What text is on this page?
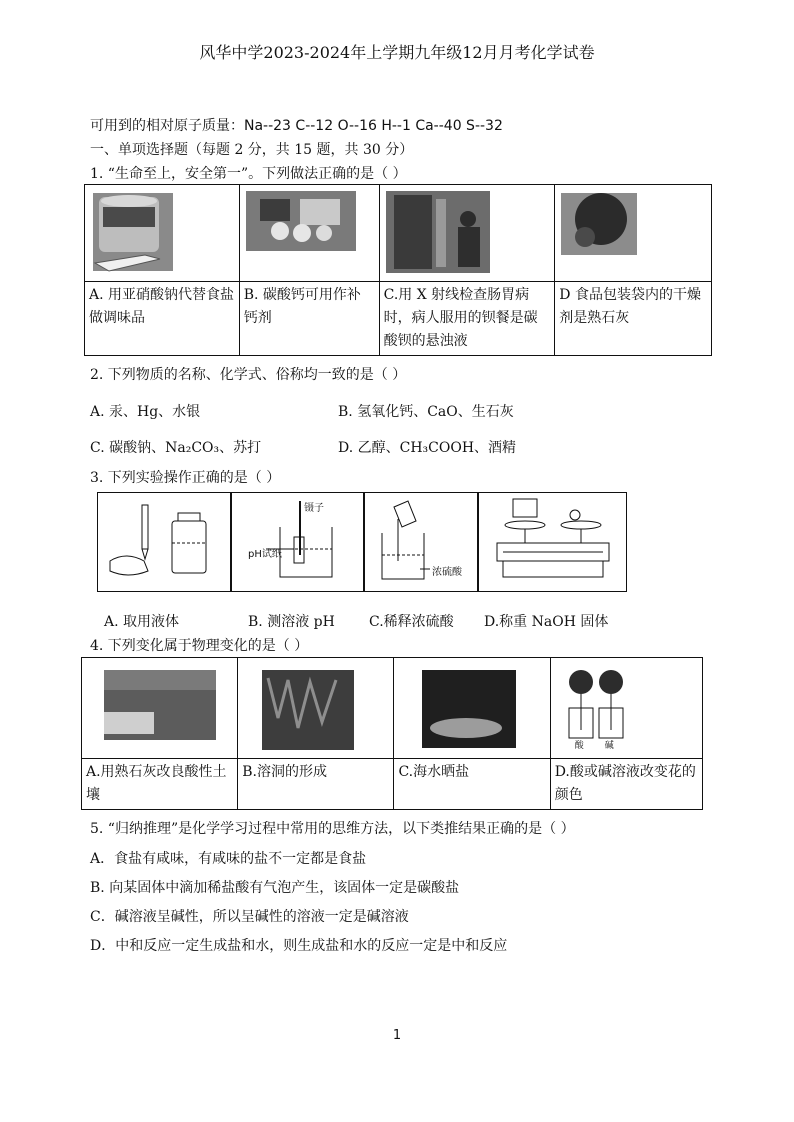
风华中学2023-2024年上学期九年级12月月考化学试卷
可用到的相对原子质量：Na--23 C--12 O--16 H--1 Ca--40 S--32
一、单项选择题（每题 2 分，共 15 题，共 30 分）
1. “生命至上，安全第一”。下列做法正确的是（ ）

A. 用亚硝酸钠代替食盐做调味品	B. 碳酸钙可用作补钙剂	C.用 X 射线检查肠胃病时，病人服用的钡餐是碳酸钡的悬浊液	D 食品包装袋内的干燥剂是熟石灰
2. 下列物质的名称、化学式、俗称均一致的是（ ）
A. 汞、Hg、水银	B. 氢氧化钙、CaO、生石灰
C. 碳酸钠、Na₂CO₃、苏打	D. 乙醇、CH₃COOH、酒精
3. 下列实验操作正确的是（ ）
pH试纸
镊子
浓硫酸
A. 取用液体	B. 测溶液 pH C.稀释浓硫酸 D.称重 NaOH 固体
4. 下列变化属于物理变化的是（ ）

酸 碱

A.用熟石灰改良酸性土壤	B.溶洞的形成	C.海水晒盐	D.酸或碱溶液改变花的颜色
5. “归纳推理”是化学学习过程中常用的思维方法，以下类推结果正确的是（ ）
A．食盐有咸味，有咸味的盐不一定都是食盐
B. 向某固体中滴加稀盐酸有气泡产生，该固体一定是碳酸盐
C．碱溶液呈碱性，所以呈碱性的溶液一定是碱溶液
D．中和反应一定生成盐和水，则生成盐和水的反应一定是中和反应
1
